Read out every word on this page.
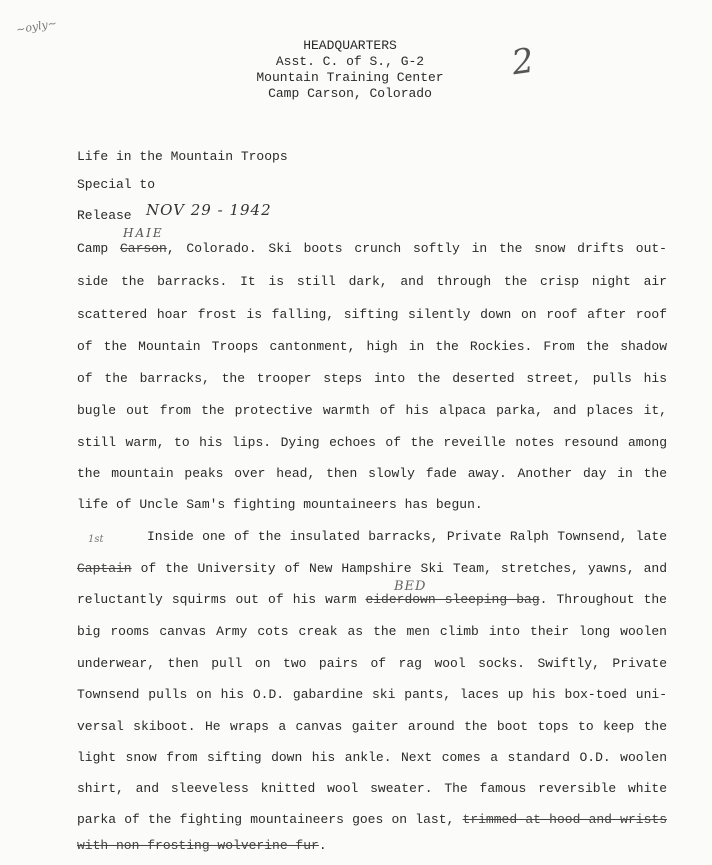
HEADQUARTERS
Asst. C. of S., G-2
Mountain Training Center
Camp Carson, Colorado
~oyly~
2
NOV 29 - 1942
HAIE
1st
BED
Life in the Mountain Troops
Special to
Release
Camp Carson, Colorado. Ski boots crunch softly in the snow drifts out-
side the barracks. It is still dark, and through the crisp night air
scattered hoar frost is falling, sifting silently down on roof after roof
of the Mountain Troops cantonment, high in the Rockies. From the shadow
of the barracks, the trooper steps into the deserted street, pulls his
bugle out from the protective warmth of his alpaca parka, and places it,
still warm, to his lips. Dying echoes of the reveille notes resound among
the mountain peaks over head, then slowly fade away. Another day in the
life of Uncle Sam's fighting mountaineers has begun.
Inside one of the insulated barracks, Private Ralph Townsend, late
Captain of the University of New Hampshire Ski Team, stretches, yawns, and
reluctantly squirms out of his warm eiderdown sleeping bag. Throughout the
big rooms canvas Army cots creak as the men climb into their long woolen
underwear, then pull on two pairs of rag wool socks. Swiftly, Private
Townsend pulls on his O.D. gabardine ski pants, laces up his box-toed uni-
versal skiboot. He wraps a canvas gaiter around the boot tops to keep the
light snow from sifting down his ankle. Next comes a standard O.D. woolen
shirt, and sleeveless knitted wool sweater. The famous reversible white
parka of the fighting mountaineers goes on last, trimmed at hood and wrists
with non-frosting wolverine fur.
